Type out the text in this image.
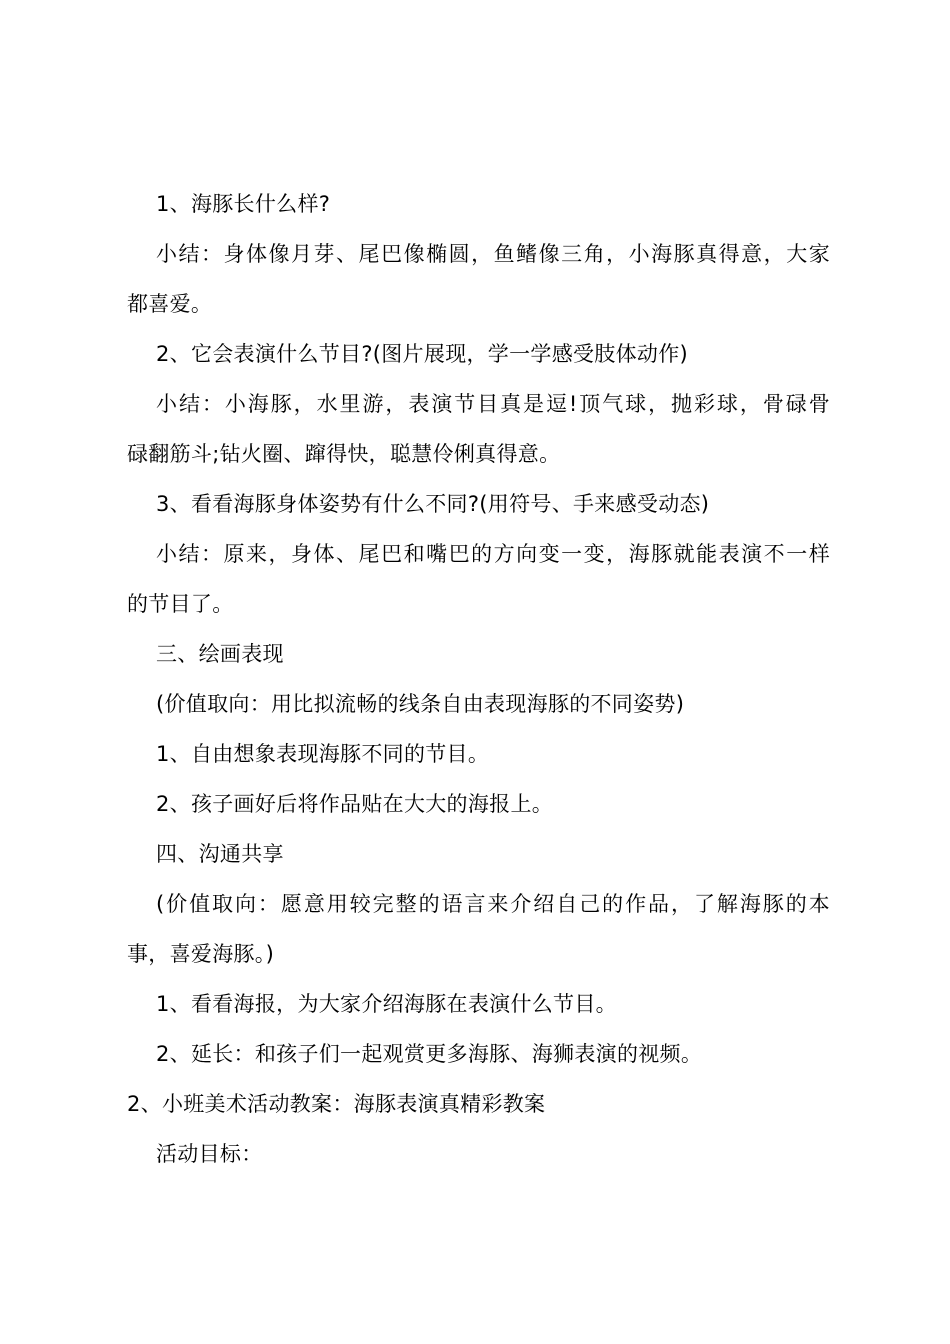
1、海豚长什么样?
小结：身体像月芽、尾巴像椭圆，鱼鳍像三角，小海豚真得意，大家
都喜爱。
2、它会表演什么节目?(图片展现，学一学感受肢体动作)
小结：小海豚，水里游，表演节目真是逗!顶气球，抛彩球，骨碌骨
碌翻筋斗;钻火圈、蹿得快，聪慧伶俐真得意。
3、看看海豚身体姿势有什么不同?(用符号、手来感受动态)
小结：原来，身体、尾巴和嘴巴的方向变一变，海豚就能表演不一样
的节目了。
三、绘画表现
(价值取向：用比拟流畅的线条自由表现海豚的不同姿势)
1、自由想象表现海豚不同的节目。
2、孩子画好后将作品贴在大大的海报上。
四、沟通共享
(价值取向：愿意用较完整的语言来介绍自己的作品，了解海豚的本
事，喜爱海豚。)
1、看看海报，为大家介绍海豚在表演什么节目。
2、延长：和孩子们一起观赏更多海豚、海狮表演的视频。
2、小班美术活动教案：海豚表演真精彩教案
活动目标：
